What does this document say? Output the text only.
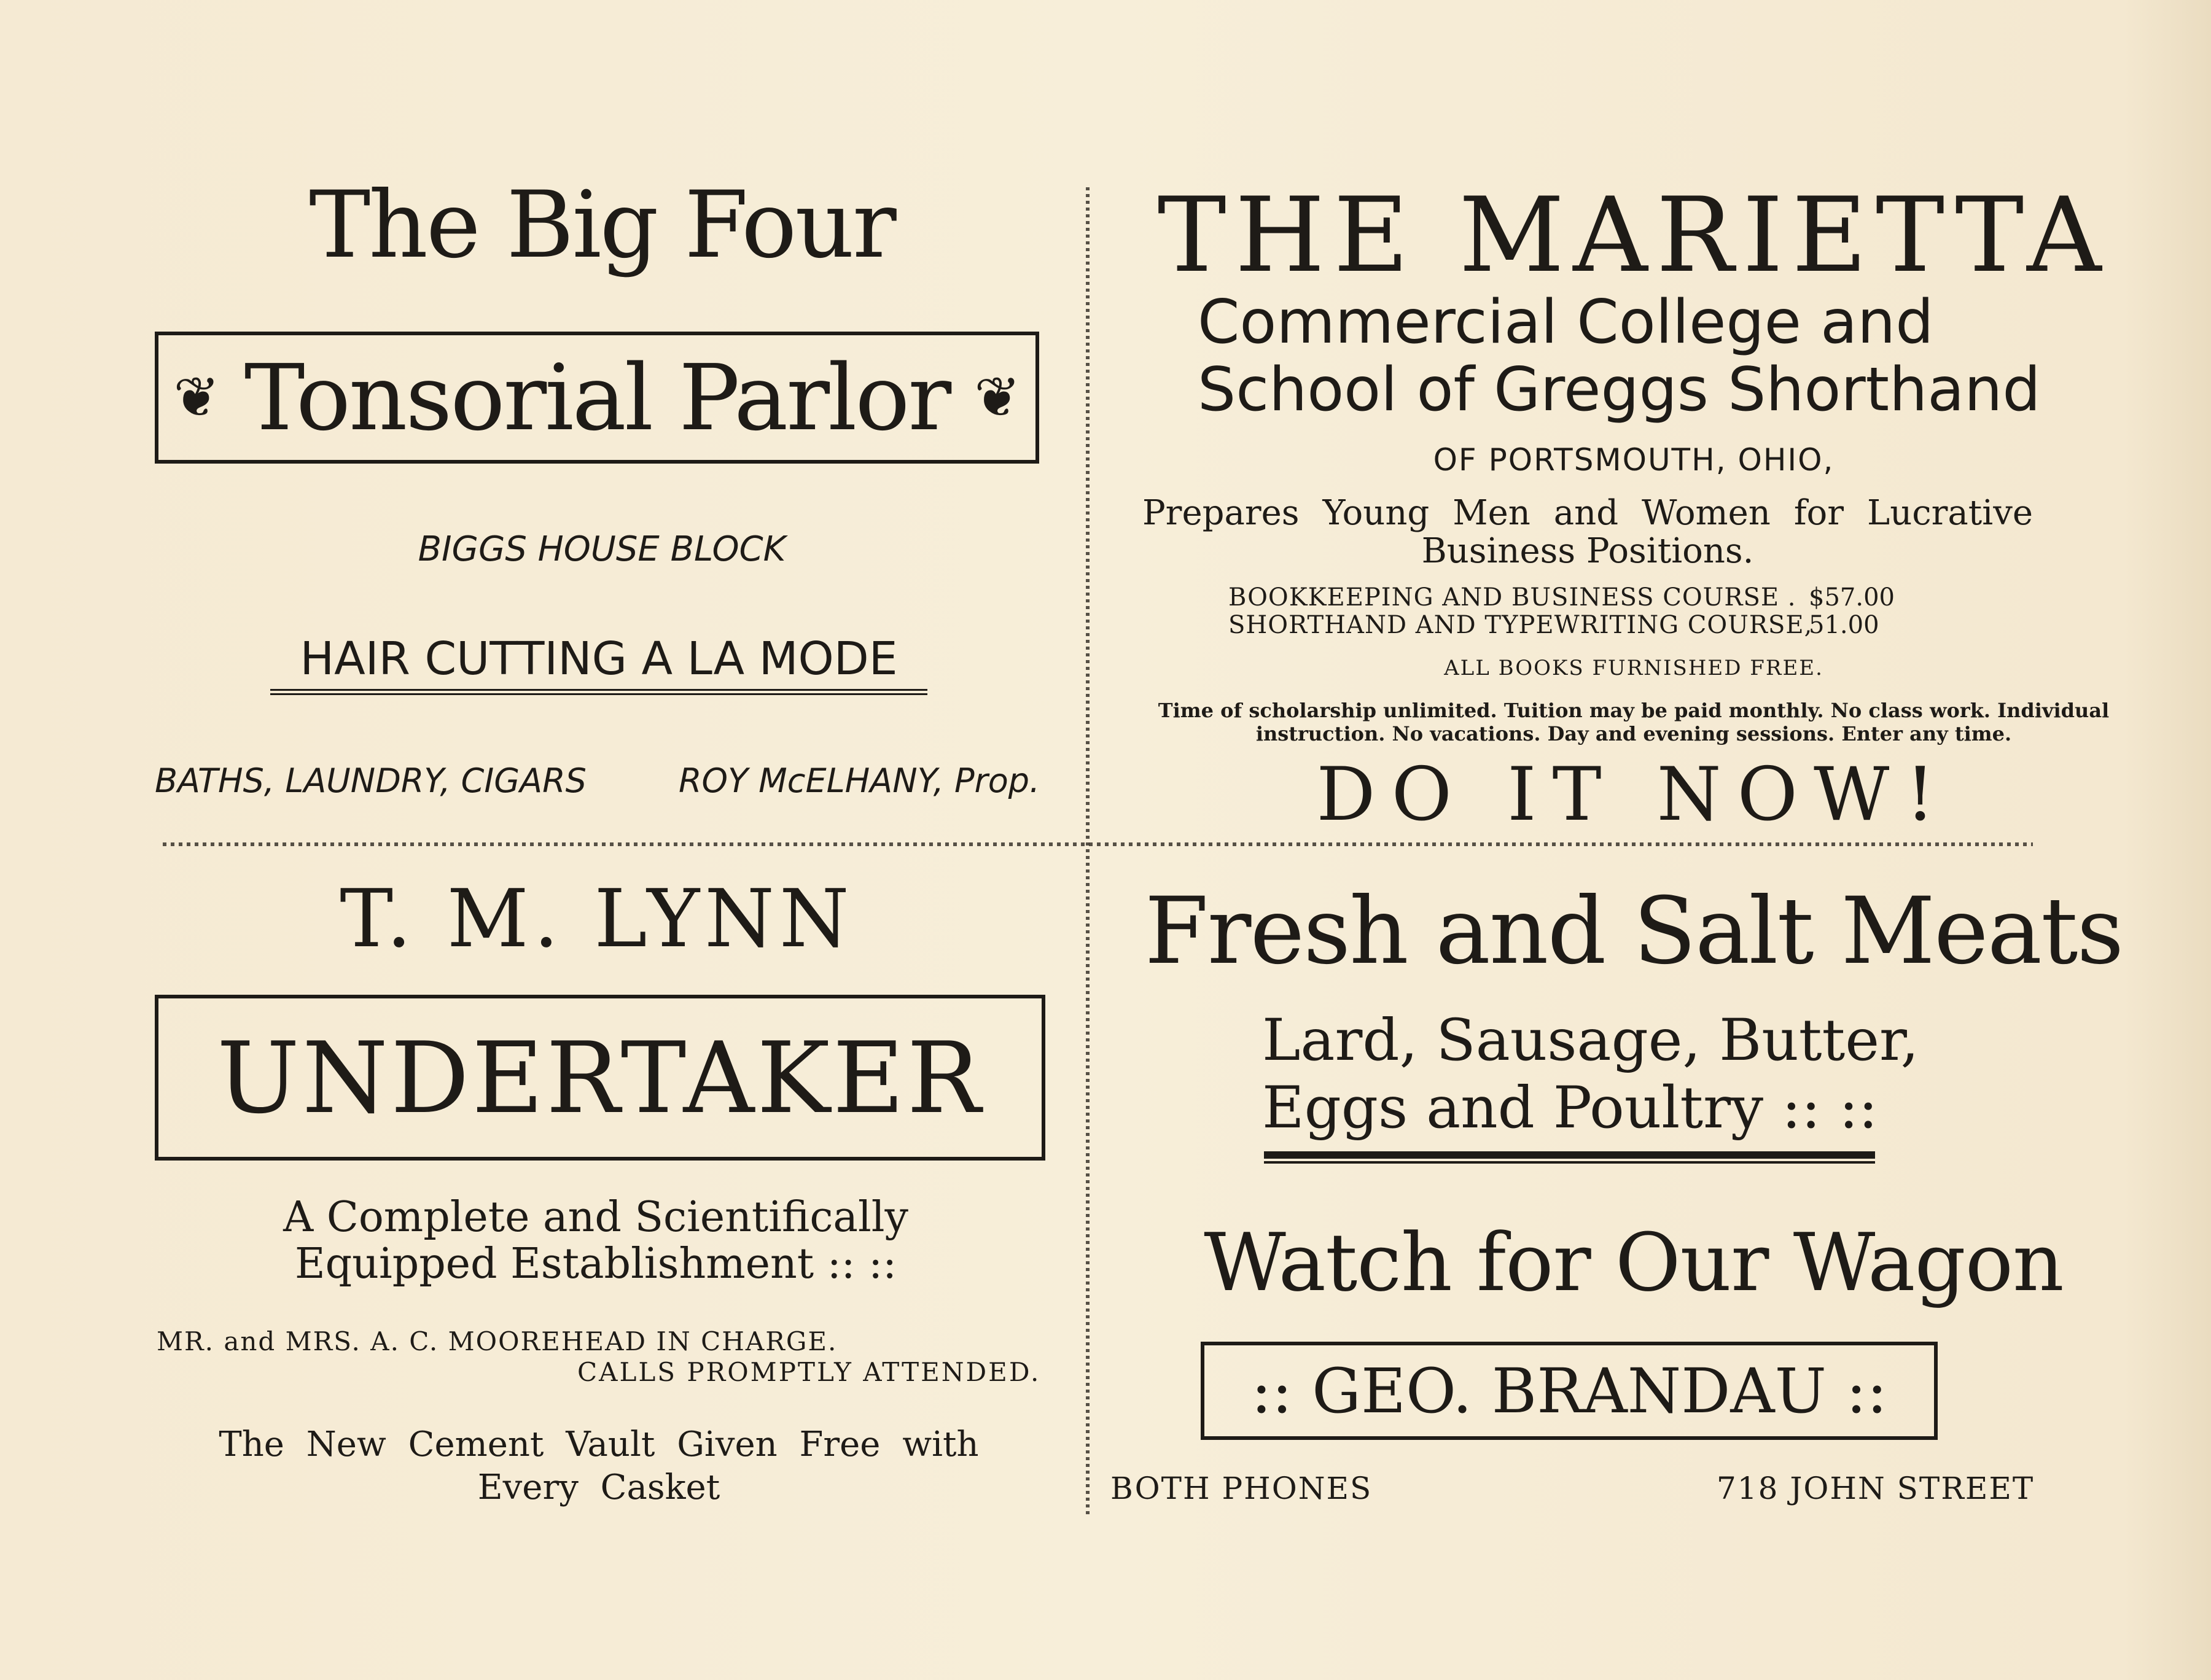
The Big Four
❦ Tonsorial Parlor ❦
BIGGS HOUSE BLOCK
HAIR CUTTING A LA MODE
BATHS, LAUNDRY, CIGARS	ROY McELHANY, Prop.
THE MARIETTA
Commercial College and
School of Greggs Shorthand
OF PORTSMOUTH, OHIO,
Prepares Young Men and Women for Lucrative Business Positions.
BOOKKEEPING AND BUSINESS COURSE . $57.00
SHORTHAND AND TYPEWRITING COURSE,
51.00
ALL BOOKS FURNISHED FREE.
Time of scholarship unlimited. Tuition may be paid monthly. No class work. Individual instruction. No vacations. Day and evening sessions. Enter any time.
DO IT NOW!
T. M. LYNN
UNDERTAKER
A Complete and Scientifically Equipped Establishment :: ::
MR. and MRS. A. C. MOOREHEAD IN CHARGE.
CALLS PROMPTLY ATTENDED.
The New Cement Vault Given Free with Every Casket
Fresh and Salt Meats
Lard, Sausage, Butter,
Eggs and Poultry :: ::
Watch for Our Wagon
:: GEO. BRANDAU ::
BOTH PHONES	718 JOHN STREET
